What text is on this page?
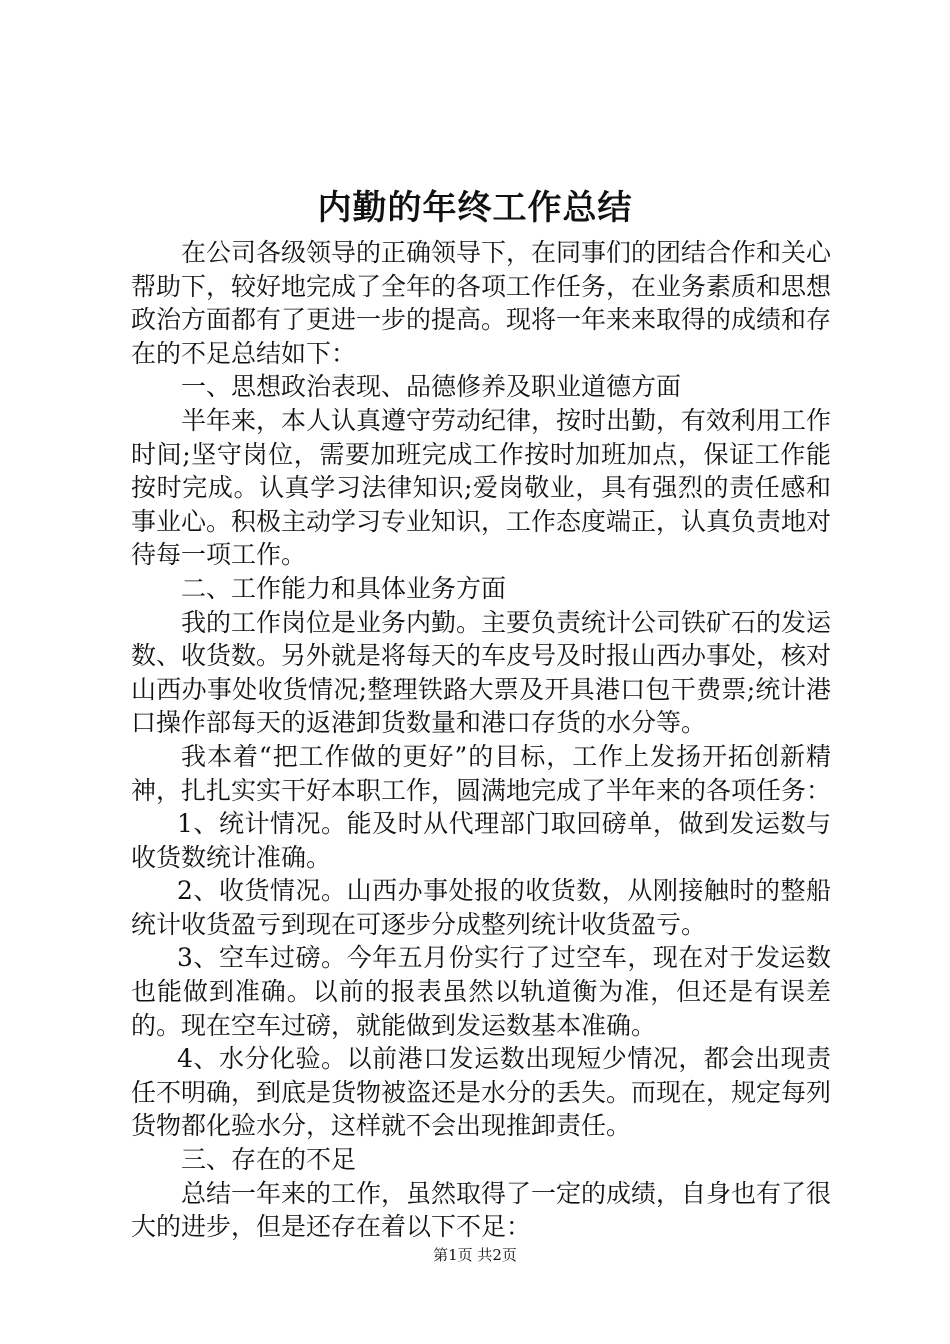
内勤的年终工作总结

在公司各级领导的正确领导下，在同事们的团结合作和关心帮助下，较好地完成了全年的各项工作任务，在业务素质和思想政治方面都有了更进一步的提高。现将一年来来取得的成绩和存在的不足总结如下：

一、思想政治表现、品德修养及职业道德方面

半年来，本人认真遵守劳动纪律，按时出勤，有效利用工作时间;坚守岗位，需要加班完成工作按时加班加点，保证工作能按时完成。认真学习法律知识;爱岗敬业，具有强烈的责任感和事业心。积极主动学习专业知识，工作态度端正，认真负责地对待每一项工作。

二、工作能力和具体业务方面

我的工作岗位是业务内勤。主要负责统计公司铁矿石的发运数、收货数。另外就是将每天的车皮号及时报山西办事处，核对山西办事处收货情况;整理铁路大票及开具港口包干费票;统计港口操作部每天的返港卸货数量和港口存货的水分等。

我本着“把工作做的更好”的目标，工作上发扬开拓创新精神，扎扎实实干好本职工作，圆满地完成了半年来的各项任务：

1、统计情况。能及时从代理部门取回磅单，做到发运数与收货数统计准确。

2、收货情况。山西办事处报的收货数，从刚接触时的整船统计收货盈亏到现在可逐步分成整列统计收货盈亏。

3、空车过磅。今年五月份实行了过空车，现在对于发运数也能做到准确。以前的报表虽然以轨道衡为准，但还是有误差的。现在空车过磅，就能做到发运数基本准确。

4、水分化验。以前港口发运数出现短少情况，都会出现责任不明确，到底是货物被盗还是水分的丢失。而现在，规定每列货物都化验水分，这样就不会出现推卸责任。

三、存在的不足

总结一年来的工作，虽然取得了一定的成绩，自身也有了很大的进步，但是还存在着以下不足：

第1页 共2页
